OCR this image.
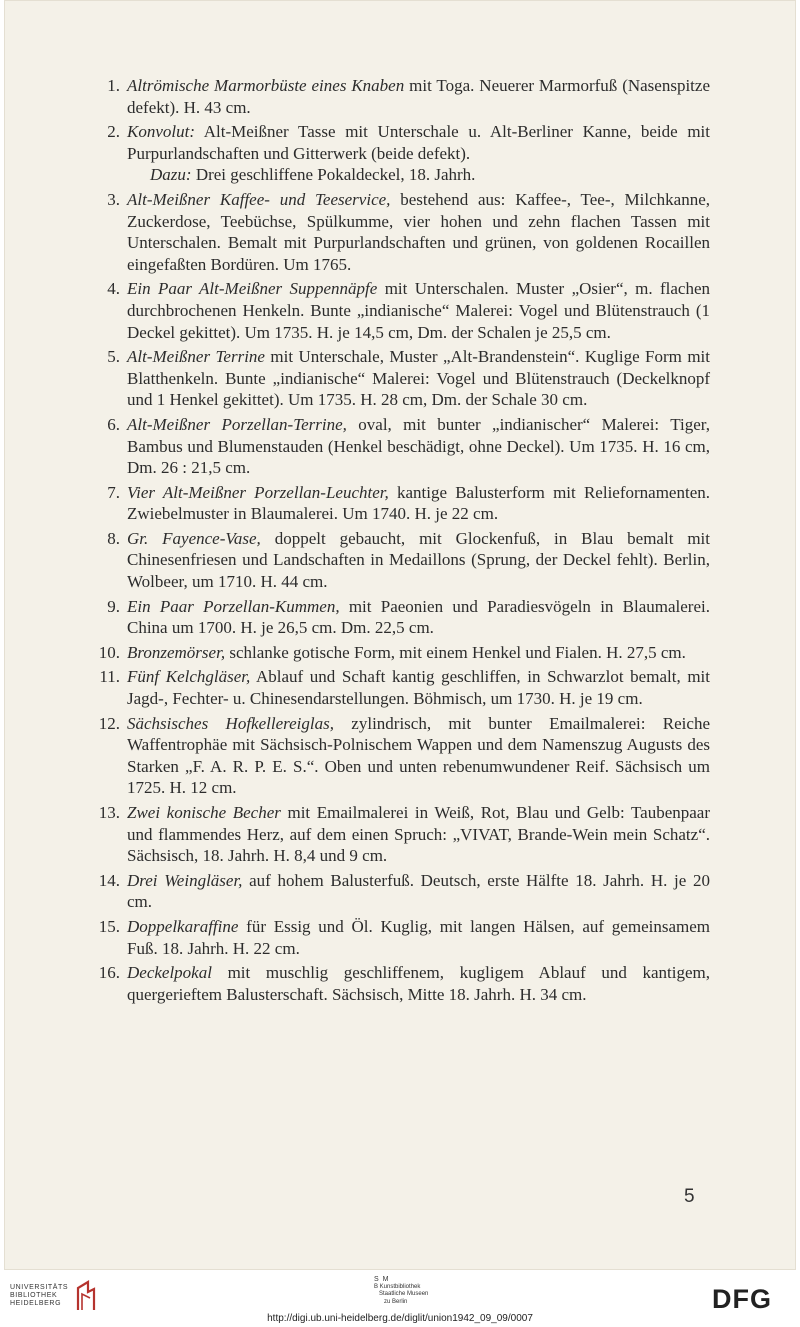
1. Altrömische Marmorbüste eines Knaben mit Toga. Neuerer Marmorfuß (Nasenspitze defekt). H. 43 cm.
2. Konvolut: Alt-Meißner Tasse mit Unterschale u. Alt-Berliner Kanne, beide mit Purpurlandschaften und Gitterwerk (beide defekt).
Dazu: Drei geschliffene Pokaldeckel, 18. Jahrh.
3. Alt-Meißner Kaffee- und Teeservice, bestehend aus: Kaffee-, Tee-, Milchkanne, Zuckerdose, Teebüchse, Spülkumme, vier hohen und zehn flachen Tassen mit Unterschalen. Bemalt mit Purpurlandschaften und grünen, von goldenen Rocaillen eingefaßten Bordüren. Um 1765.
4. Ein Paar Alt-Meißner Suppennäpfe mit Unterschalen. Muster „Osier“, m. flachen durchbrochenen Henkeln. Bunte „indianische“ Malerei: Vogel und Blütenstrauch (1 Deckel gekittet). Um 1735. H. je 14,5 cm, Dm. der Schalen je 25,5 cm.
5. Alt-Meißner Terrine mit Unterschale, Muster „Alt-Brandenstein“. Kuglige Form mit Blatthenkeln. Bunte „indianische“ Malerei: Vogel und Blütenstrauch (Deckelknopf und 1 Henkel gekittet). Um 1735. H. 28 cm, Dm. der Schale 30 cm.
6. Alt-Meißner Porzellan-Terrine, oval, mit bunter „indianischer“ Malerei: Tiger, Bambus und Blumenstauden (Henkel beschädigt, ohne Deckel). Um 1735. H. 16 cm, Dm. 26 : 21,5 cm.
7. Vier Alt-Meißner Porzellan-Leuchter, kantige Balusterform mit Reliefornamenten. Zwiebelmuster in Blaumalerei. Um 1740. H. je 22 cm.
8. Gr. Fayence-Vase, doppelt gebaucht, mit Glockenfuß, in Blau bemalt mit Chinesenfriesen und Landschaften in Medaillons (Sprung, der Deckel fehlt). Berlin, Wolbeer, um 1710. H. 44 cm.
9. Ein Paar Porzellan-Kummen, mit Paeonien und Paradiesvögeln in Blaumalerei. China um 1700. H. je 26,5 cm. Dm. 22,5 cm.
10. Bronzemörser, schlanke gotische Form, mit einem Henkel und Fialen. H. 27,5 cm.
11. Fünf Kelchgläser, Ablauf und Schaft kantig geschliffen, in Schwarzlot bemalt, mit Jagd-, Fechter- u. Chinesendarstellungen. Böhmisch, um 1730. H. je 19 cm.
12. Sächsisches Hofkellereiglas, zylindrisch, mit bunter Emailmalerei: Reiche Waffentrophäe mit Sächsisch-Polnischem Wappen und dem Namenszug Augusts des Starken „F. A. R. P. E. S.“. Oben und unten rebenumwundener Reif. Sächsisch um 1725. H. 12 cm.
13. Zwei konische Becher mit Emailmalerei in Weiß, Rot, Blau und Gelb: Taubenpaar und flammendes Herz, auf dem einen Spruch: „VIVAT, Brande-Wein mein Schatz“. Sächsisch, 18. Jahrh. H. 8,4 und 9 cm.
14. Drei Weingläser, auf hohem Balusterfuß. Deutsch, erste Hälfte 18. Jahrh. H. je 20 cm.
15. Doppelkaraffine für Essig und Öl. Kuglig, mit langen Hälsen, auf gemeinsamem Fuß. 18. Jahrh. H. 22 cm.
16. Deckelpokal mit muschlig geschliffenem, kugligem Ablauf und kantigem, quergerieftem Balusterschaft. Sächsisch, Mitte 18. Jahrh. H. 34 cm.
5
UNIVERSITÄTS
BIBLIOTHEK
HEIDELBERG
S M
B Kunstbibliothek
Staatliche Museen
zu Berlin	DFG
http://digi.ub.uni-heidelberg.de/diglit/union1942_09_09/0007
